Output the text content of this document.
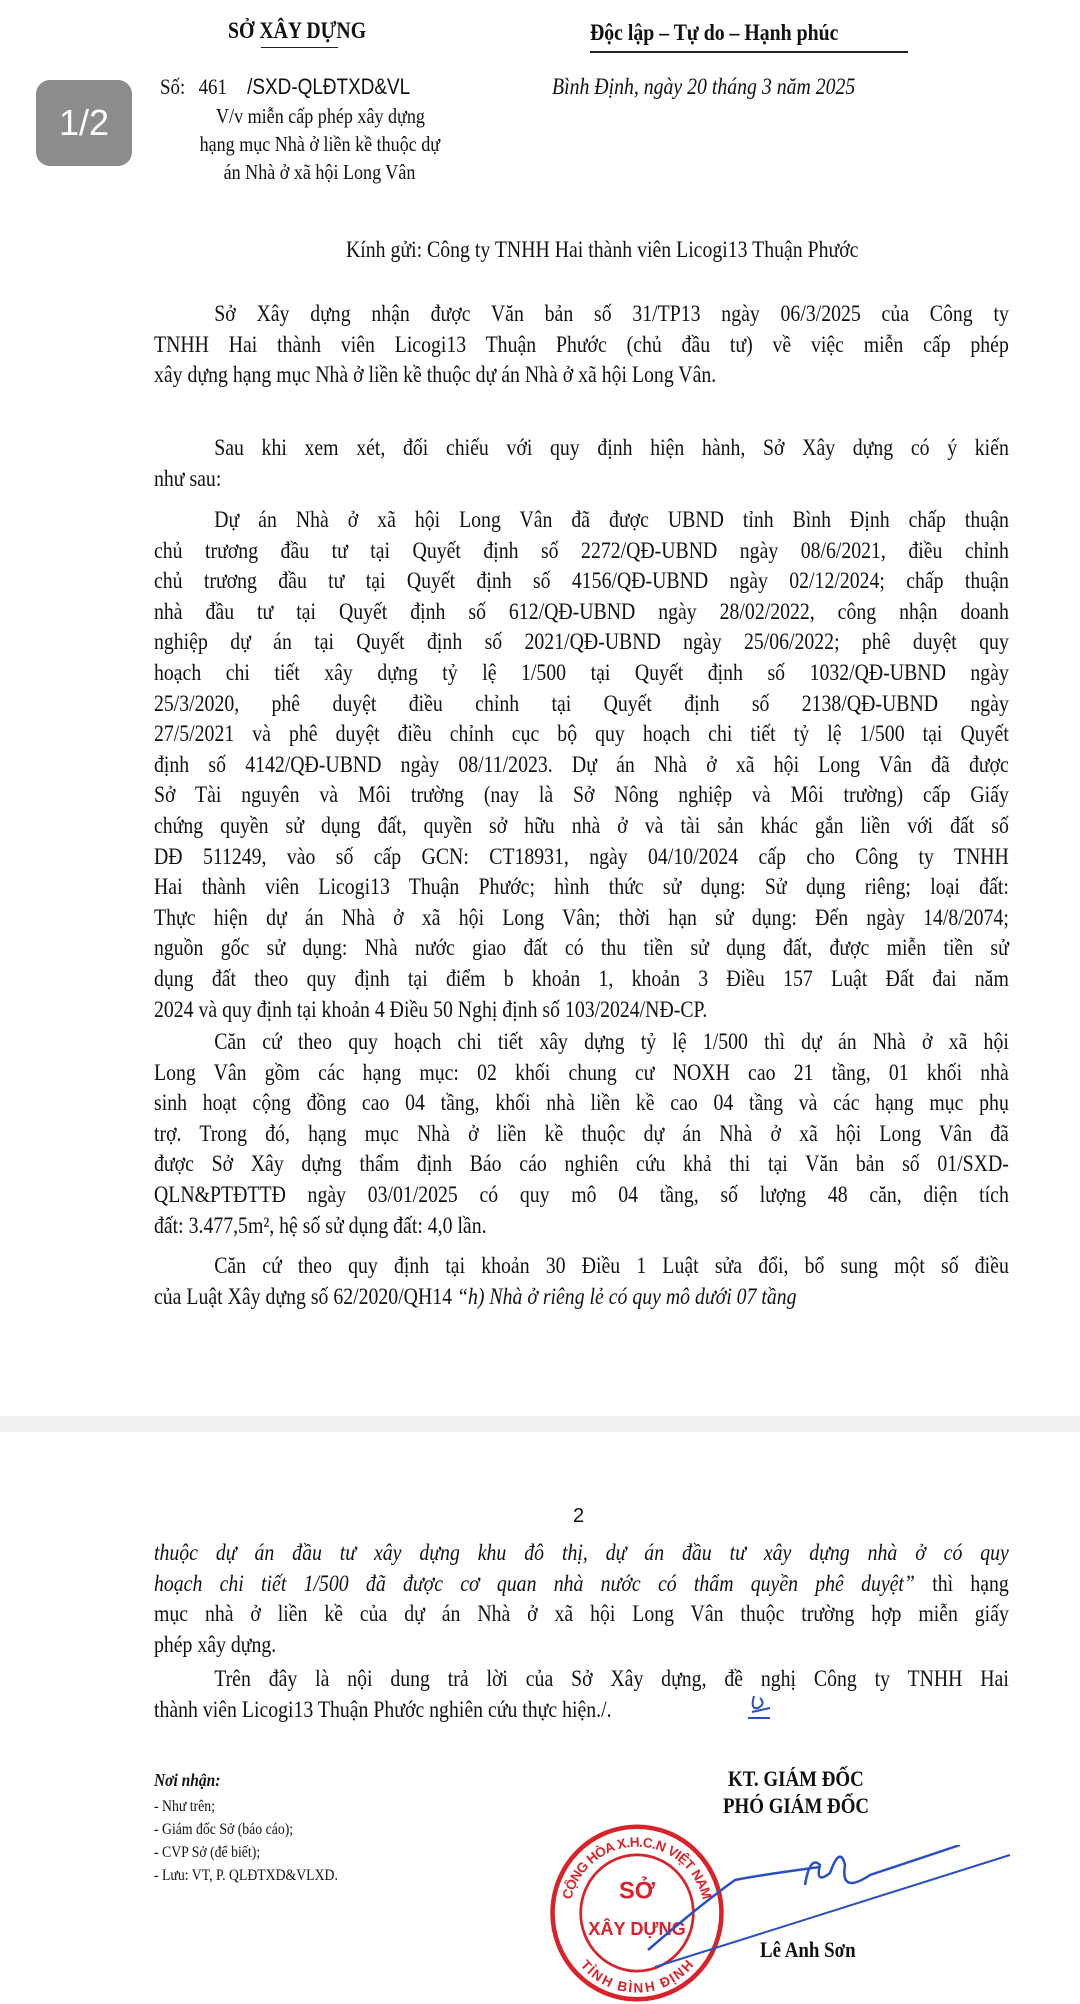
SỞ XÂY DỰNG	Độc lập – Tự do – Hạnh phúc
Số: 461 /SXD-QLĐTXD&VL	Bình Định, ngày 20 tháng 3 năm 2025
V/v miễn cấp phép xây dựng
hạng mục Nhà ở liền kề thuộc dự
án Nhà ở xã hội Long Vân
1/2
Kính gửi: Công ty TNHH Hai thành viên Licogi13 Thuận Phước
Sở Xây dựng nhận được Văn bản số 31/TP13 ngày 06/3/2025 của Công ty
TNHH Hai thành viên Licogi13 Thuận Phước (chủ đầu tư) về việc miễn cấp phép
xây dựng hạng mục Nhà ở liền kề thuộc dự án Nhà ở xã hội Long Vân.
Sau khi xem xét, đối chiếu với quy định hiện hành, Sở Xây dựng có ý kiến
như sau:
Dự án Nhà ở xã hội Long Vân đã được UBND tỉnh Bình Định chấp thuận
chủ trương đầu tư tại Quyết định số 2272/QĐ-UBND ngày 08/6/2021, điều chỉnh
chủ trương đầu tư tại Quyết định số 4156/QĐ-UBND ngày 02/12/2024; chấp thuận
nhà đầu tư tại Quyết định số 612/QĐ-UBND ngày 28/02/2022, công nhận doanh
nghiệp dự án tại Quyết định số 2021/QĐ-UBND ngày 25/06/2022; phê duyệt quy
hoạch chi tiết xây dựng tỷ lệ 1/500 tại Quyết định số 1032/QĐ-UBND ngày
25/3/2020, phê duyệt điều chỉnh tại Quyết định số 2138/QĐ-UBND ngày
27/5/2021 và phê duyệt điều chỉnh cục bộ quy hoạch chi tiết tỷ lệ 1/500 tại Quyết
định số 4142/QĐ-UBND ngày 08/11/2023. Dự án Nhà ở xã hội Long Vân đã được
Sở Tài nguyên và Môi trường (nay là Sở Nông nghiệp và Môi trường) cấp Giấy
chứng quyền sử dụng đất, quyền sở hữu nhà ở và tài sản khác gắn liền với đất số
DĐ 511249, vào số cấp GCN: CT18931, ngày 04/10/2024 cấp cho Công ty TNHH
Hai thành viên Licogi13 Thuận Phước; hình thức sử dụng: Sử dụng riêng; loại đất:
Thực hiện dự án Nhà ở xã hội Long Vân; thời hạn sử dụng: Đến ngày 14/8/2074;
nguồn gốc sử dụng: Nhà nước giao đất có thu tiền sử dụng đất, được miễn tiền sử
dụng đất theo quy định tại điểm b khoản 1, khoản 3 Điều 157 Luật Đất đai năm
2024 và quy định tại khoản 4 Điều 50 Nghị định số 103/2024/NĐ-CP.
Căn cứ theo quy hoạch chi tiết xây dựng tỷ lệ 1/500 thì dự án Nhà ở xã hội
Long Vân gồm các hạng mục: 02 khối chung cư NOXH cao 21 tầng, 01 khối nhà
sinh hoạt cộng đồng cao 04 tầng, khối nhà liền kề cao 04 tầng và các hạng mục phụ
trợ. Trong đó, hạng mục Nhà ở liền kề thuộc dự án Nhà ở xã hội Long Vân đã
được Sở Xây dựng thẩm định Báo cáo nghiên cứu khả thi tại Văn bản số 01/SXD-
QLN&PTĐTTĐ ngày 03/01/2025 có quy mô 04 tầng, số lượng 48 căn, diện tích
đất: 3.477,5m², hệ số sử dụng đất: 4,0 lần.
Căn cứ theo quy định tại khoản 30 Điều 1 Luật sửa đổi, bổ sung một số điều
của Luật Xây dựng số 62/2020/QH14 “h) Nhà ở riêng lẻ có quy mô dưới 07 tầng
2
thuộc dự án đầu tư xây dựng khu đô thị, dự án đầu tư xây dựng nhà ở có quy
hoạch chi tiết 1/500 đã được cơ quan nhà nước có thẩm quyền phê duyệt” thì hạng
mục nhà ở liền kề của dự án Nhà ở xã hội Long Vân thuộc trường hợp miễn giấy
phép xây dựng.
Trên đây là nội dung trả lời của Sở Xây dựng, đề nghị Công ty TNHH Hai
thành viên Licogi13 Thuận Phước nghiên cứu thực hiện./.
Nơi nhận:
- Như trên;
- Giám đốc Sở (báo cáo);
- CVP Sở (để biết);
- Lưu: VT, P. QLĐTXD&VLXD.
KT. GIÁM ĐỐC
PHÓ GIÁM ĐỐC
CỘNG HÒA X.H.C.N VIỆT NAM
TỈNH BÌNH ĐỊNH
SỞ
XÂY DỰNG
Lê Anh Sơn
